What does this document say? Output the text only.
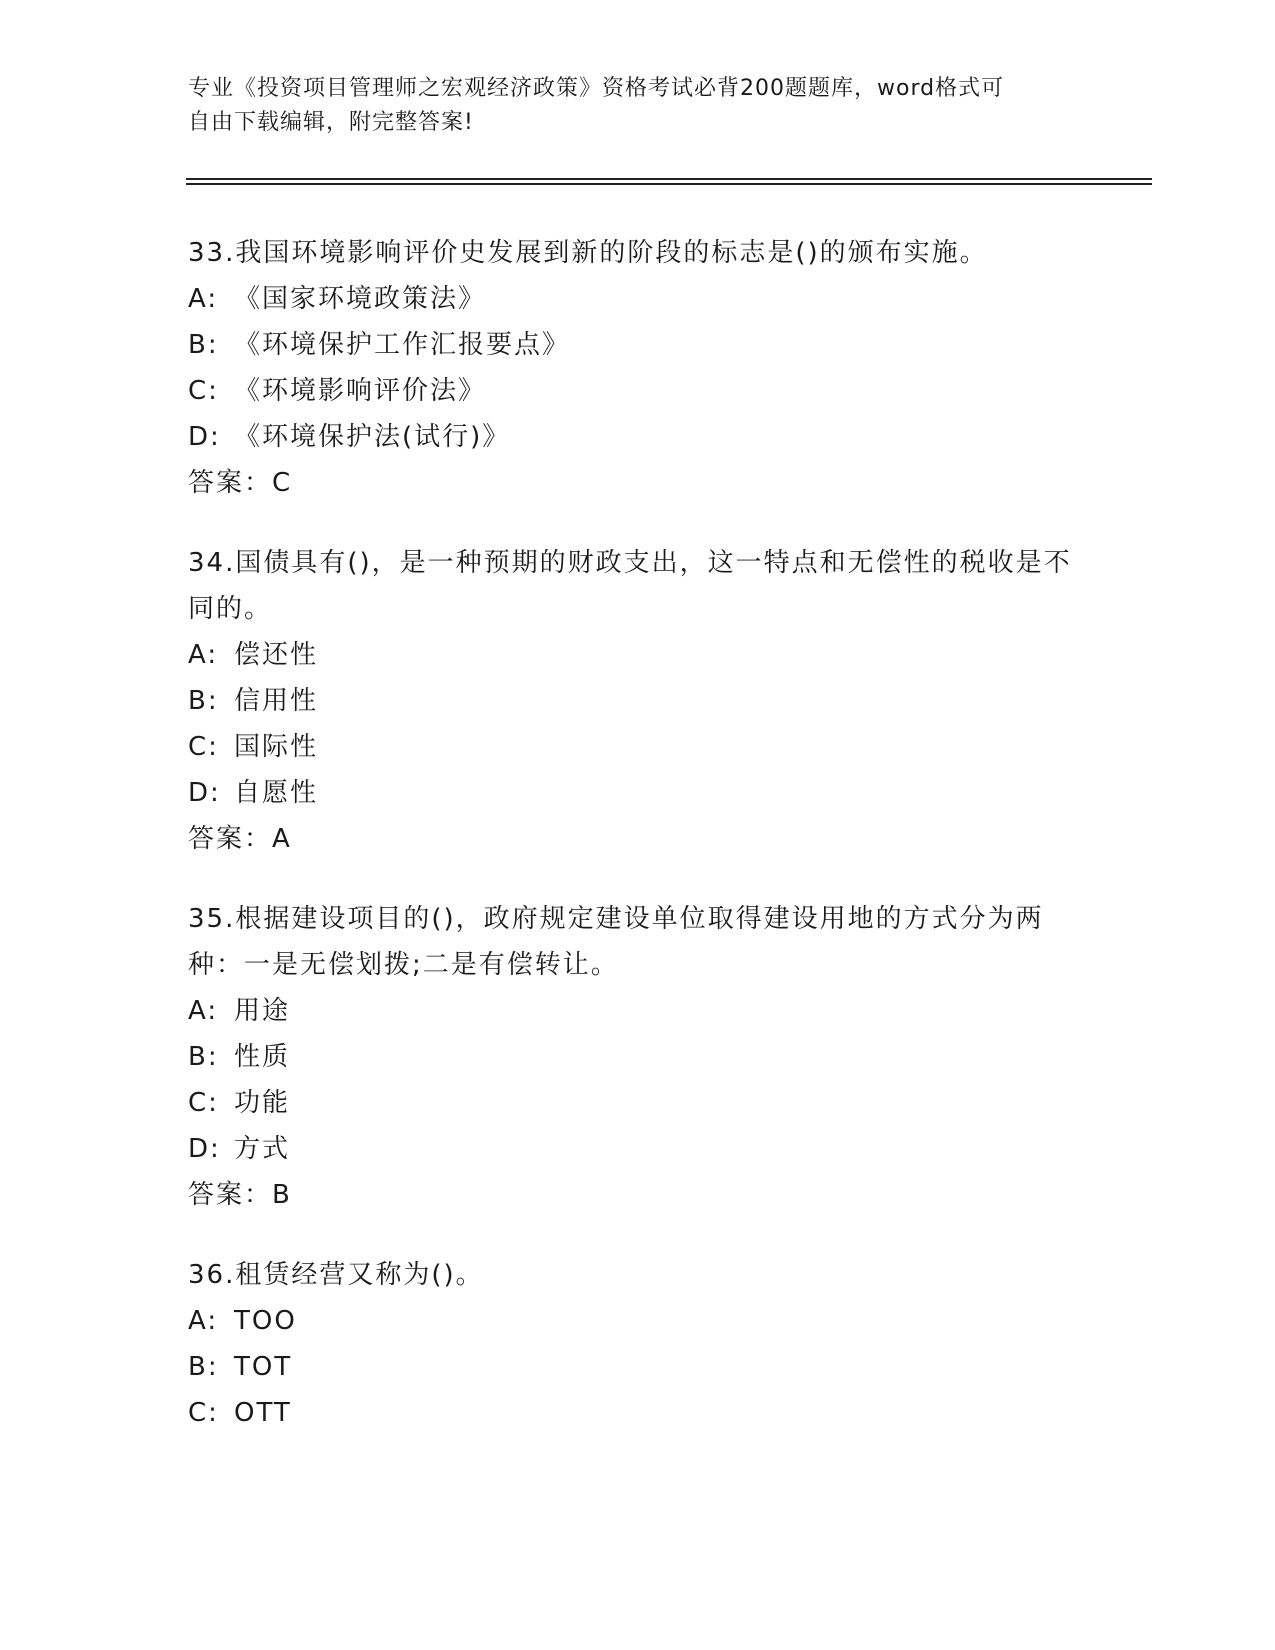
专业《投资项目管理师之宏观经济政策》资格考试必背200题题库，word格式可
自由下载编辑，附完整答案!
33.我国环境影响评价史发展到新的阶段的标志是()的颁布实施。
A: 《国家环境政策法》
B: 《环境保护工作汇报要点》
C: 《环境影响评价法》
D: 《环境保护法(试行)》
答案：C
34.国债具有()，是一种预期的财政支出，这一特点和无偿性的税收是不同的。
A: 偿还性
B: 信用性
C: 国际性
D: 自愿性
答案：A
35.根据建设项目的()，政府规定建设单位取得建设用地的方式分为两种：一是无偿划拨;二是有偿转让。
A: 用途
B: 性质
C: 功能
D: 方式
答案：B
36.租赁经营又称为()。
A: TOO
B: TOT
C: OTT
